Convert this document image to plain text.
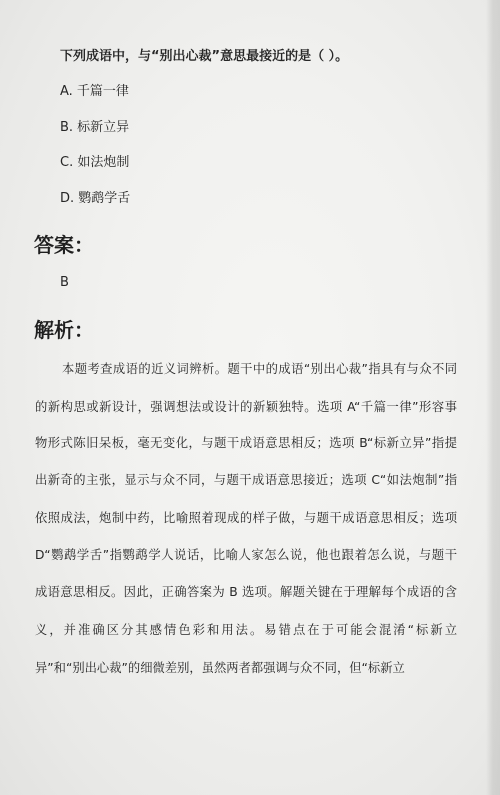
下列成语中，与“别出心裁”意思最接近的是（ ）。
A. 千篇一律
B. 标新立异
C. 如法炮制
D. 鹦鹉学舌
答案：
B
解析：
本题考查成语的近义词辨析。题干中的成语“别出心裁”指具有与众不同
的新构思或新设计，强调想法或设计的新颖独特。选项 A“千篇一律”形容事
物形式陈旧呆板，毫无变化，与题干成语意思相反；选项 B“标新立异”指提
出新奇的主张，显示与众不同，与题干成语意思接近；选项 C“如法炮制”指
依照成法，炮制中药，比喻照着现成的样子做，与题干成语意思相反；选项
D“鹦鹉学舌”指鹦鹉学人说话，比喻人家怎么说，他也跟着怎么说，与题干
成语意思相反。因此，正确答案为 B 选项。解题关键在于理解每个成语的含
义，并准确区分其感情色彩和用法。易错点在于可能会混淆“标新立
异”和“别出心裁”的细微差别，虽然两者都强调与众不同，但“标新立
